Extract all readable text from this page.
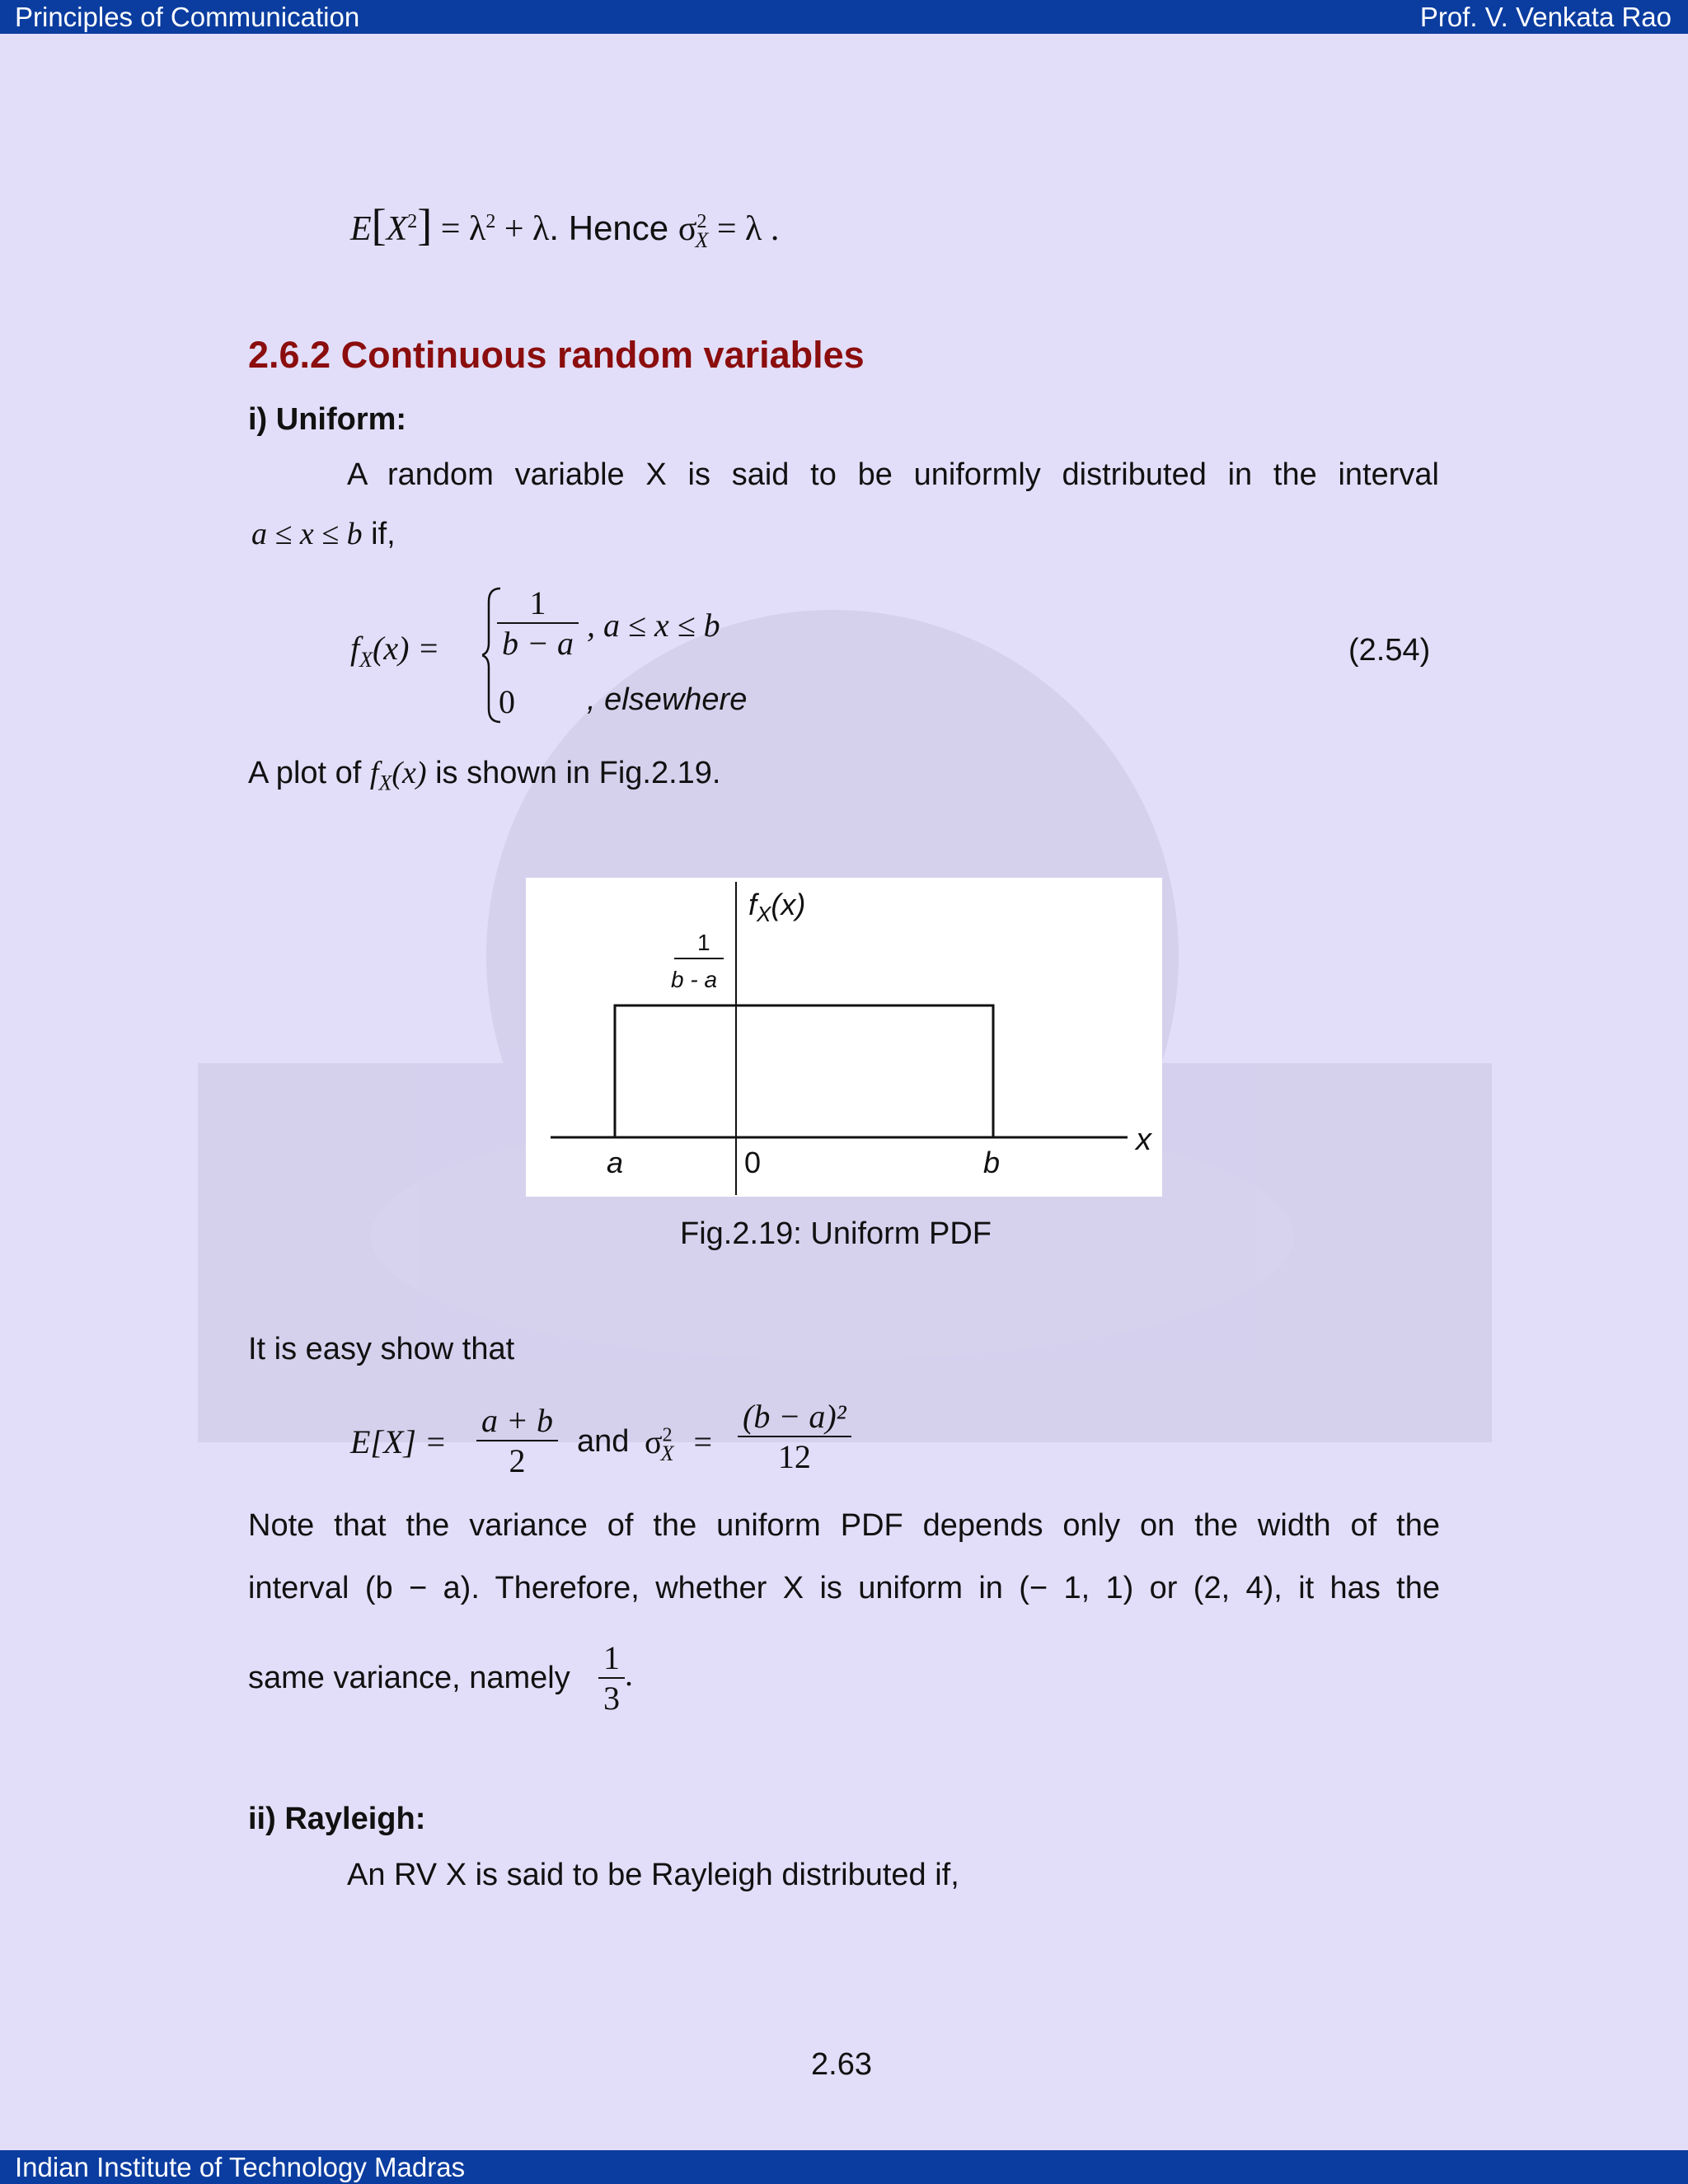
Principles of Communication	Prof. V. Venkata Rao
$E[X^2] = \lambda^2 + \lambda$. Hence $\sigma^2_X = \lambda$ .
2.6.2 Continuous random variables
i) Uniform:
A random variable X is said to be uniformly distributed in the interval
a ≤ x ≤ b if,
$f_X(x) = \frac{1}{b - a}$ , a ≤ x ≤ b
0 , elsewhere
(2.54)
A plot of $f_X(x)$ is shown in Fig.2.19.
$f_X(x)$
x
a	0	b
1
b - a
Fig.2.19: Uniform PDF
It is easy show that
$E[X] = \frac{a + b}{2}$ and $\sigma^2_X = \frac{\text{(b − a)²}}{12}$
Note that the variance of the uniform PDF depends only on the width of the
interval (b − a). Therefore, whether X is uniform in (− 1, 1) or (2, 4), it has the
same variance, namely $\frac{1}{3}$ .
ii) Rayleigh:
An RV X is said to be Rayleigh distributed if,
2.63
Indian Institute of Technology Madras
